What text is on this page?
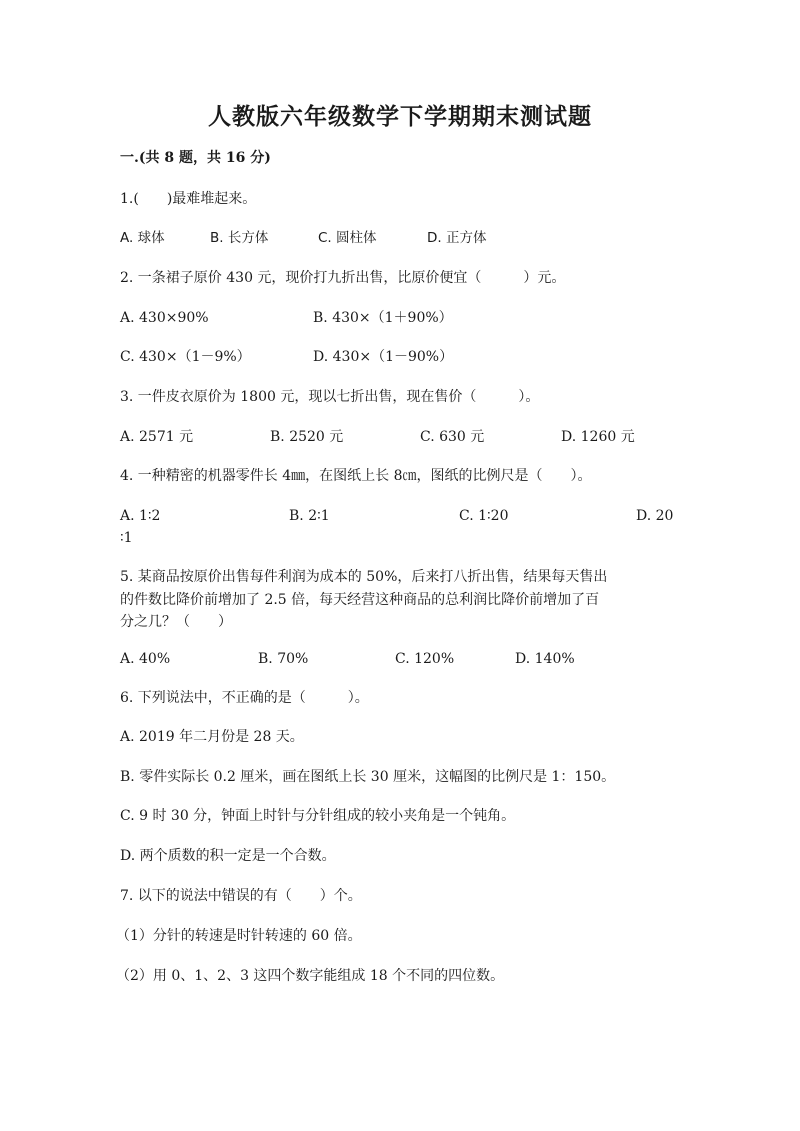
人教版六年级数学下学期期末测试题
一.(共 8 题，共 16 分)
1.(　　)最难堆起来。
A. 球体	B. 长方体	C. 圆柱体	D. 正方体
2. 一条裙子原价 430 元，现价打九折出售，比原价便宜（　　　）元。
A. 430×90%	B. 430×（1＋90%）
C. 430×（1－9%）	D. 430×（1－90%）
3. 一件皮衣原价为 1800 元，现以七折出售，现在售价（　　　）。
A. 2571 元	B. 2520 元	C. 630 元	D. 1260 元
4. 一种精密的机器零件长 4㎜，在图纸上长 8㎝，图纸的比例尺是（　　）。
A. 1∶2	B. 2∶1	C. 1∶20	D. 20
∶1
5. 某商品按原价出售每件利润为成本的 50%，后来打八折出售，结果每天售出
的件数比降价前增加了 2.5 倍，每天经营这种商品的总利润比降价前增加了百
分之几？（　　）
A. 40%	B. 70%	C. 120%	D. 140%
6. 下列说法中，不正确的是（　　　）。
A. 2019 年二月份是 28 天。
B. 零件实际长 0.2 厘米，画在图纸上长 30 厘米，这幅图的比例尺是 1：150。
C. 9 时 30 分，钟面上时针与分针组成的较小夹角是一个钝角。
D. 两个质数的积一定是一个合数。
7. 以下的说法中错误的有（　　）个。
（1）分针的转速是时针转速的 60 倍。
（2）用 0、1、2、3 这四个数字能组成 18 个不同的四位数。
